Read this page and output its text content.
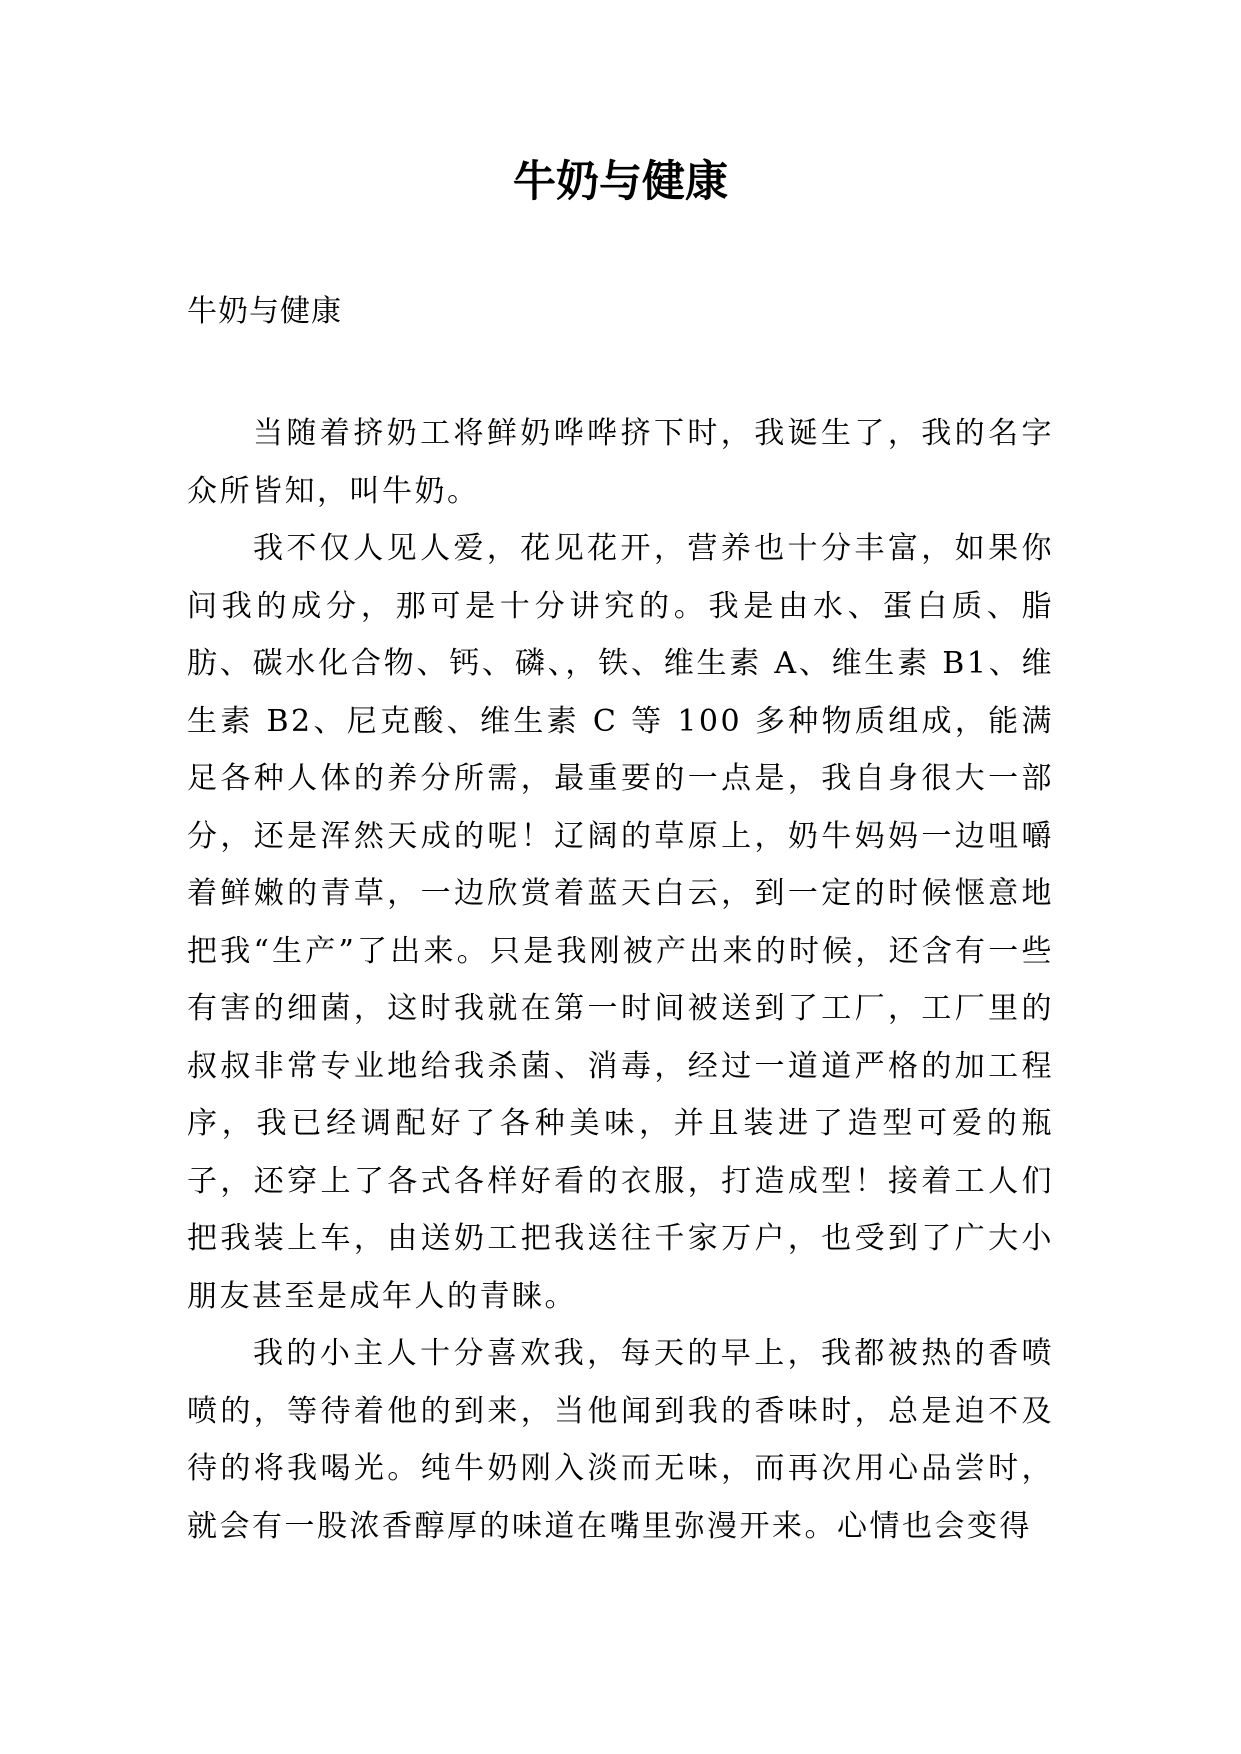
牛奶与健康

牛奶与健康

当随着挤奶工将鲜奶哗哗挤下时，我诞生了，我的名字众所皆知，叫牛奶。

我不仅人见人爱，花见花开，营养也十分丰富，如果你问我的成分，那可是十分讲究的。我是由水、蛋白质、脂肪、碳水化合物、钙、磷、，铁、维生素 A、维生素 B1、维生素 B2、尼克酸、维生素 C 等 100 多种物质组成，能满足各种人体的养分所需，最重要的一点是，我自身很大一部分，还是浑然天成的呢！辽阔的草原上，奶牛妈妈一边咀嚼着鲜嫩的青草，一边欣赏着蓝天白云，到一定的时候惬意地把我“生产”了出来。只是我刚被产出来的时候，还含有一些有害的细菌，这时我就在第一时间被送到了工厂，工厂里的叔叔非常专业地给我杀菌、消毒，经过一道道严格的加工程序，我已经调配好了各种美味，并且装进了造型可爱的瓶子，还穿上了各式各样好看的衣服，打造成型！接着工人们把我装上车，由送奶工把我送往千家万户，也受到了广大小朋友甚至是成年人的青睐。

我的小主人十分喜欢我，每天的早上，我都被热的香喷喷的，等待着他的到来，当他闻到我的香味时，总是迫不及待的将我喝光。纯牛奶刚入淡而无味，而再次用心品尝时，就会有一股浓香醇厚的味道在嘴里弥漫开来。心情也会变得
